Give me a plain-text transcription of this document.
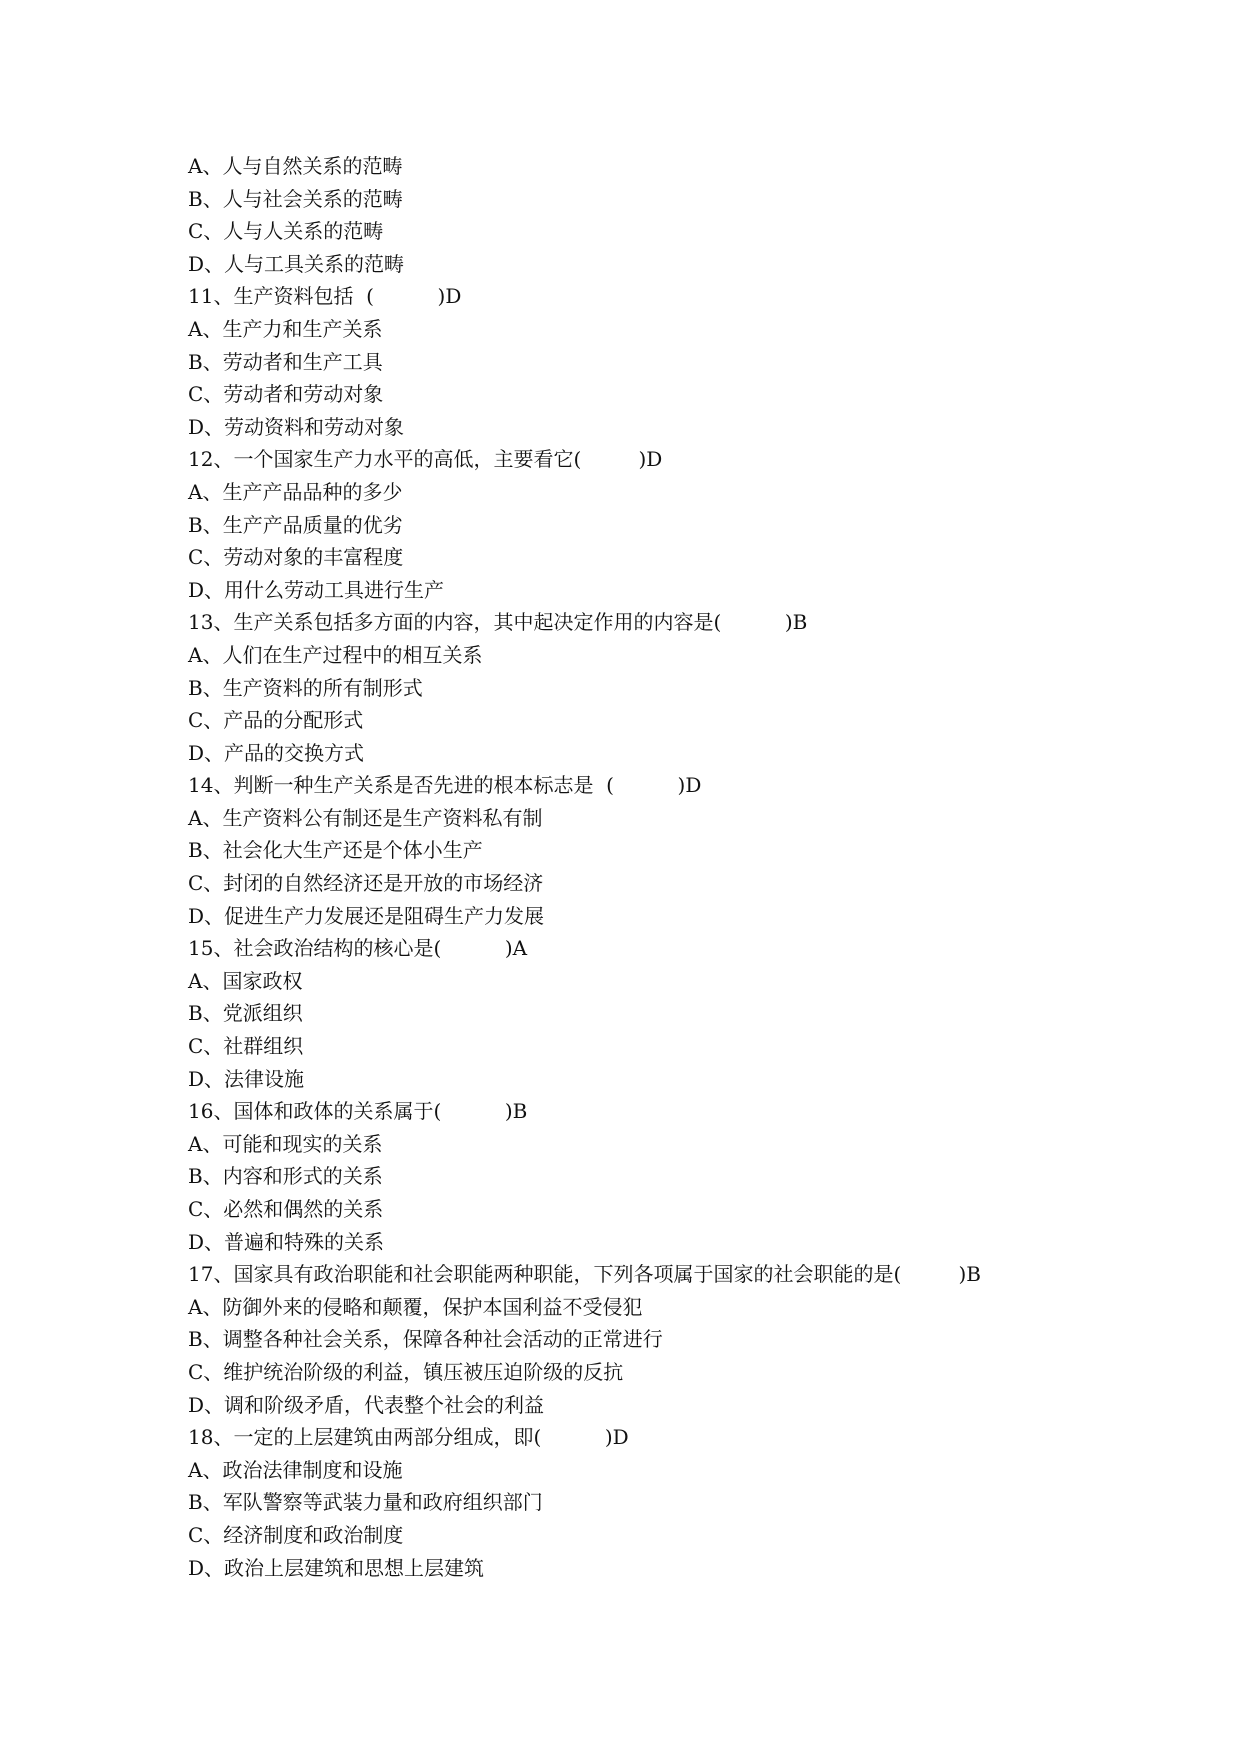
A、人与自然关系的范畴
B、人与社会关系的范畴
C、人与人关系的范畴
D、人与工具关系的范畴
11、生产资料包括  (          )D
A、生产力和生产关系
B、劳动者和生产工具
C、劳动者和劳动对象
D、劳动资料和劳动对象
12、一个国家生产力水平的高低，主要看它(         )D
A、生产产品品种的多少
B、生产产品质量的优劣
C、劳动对象的丰富程度
D、用什么劳动工具进行生产
13、生产关系包括多方面的内容，其中起决定作用的内容是(          )B
A、人们在生产过程中的相互关系
B、生产资料的所有制形式
C、产品的分配形式
D、产品的交换方式
14、判断一种生产关系是否先进的根本标志是  (          )D
A、生产资料公有制还是生产资料私有制
B、社会化大生产还是个体小生产
C、封闭的自然经济还是开放的市场经济
D、促进生产力发展还是阻碍生产力发展
15、社会政治结构的核心是(          )A
A、国家政权
B、党派组织
C、社群组织
D、法律设施
16、国体和政体的关系属于(          )B
A、可能和现实的关系
B、内容和形式的关系
C、必然和偶然的关系
D、普遍和特殊的关系
17、国家具有政治职能和社会职能两种职能，下列各项属于国家的社会职能的是(         )B
A、防御外来的侵略和颠覆，保护本国利益不受侵犯
B、调整各种社会关系，保障各种社会活动的正常进行
C、维护统治阶级的利益，镇压被压迫阶级的反抗
D、调和阶级矛盾，代表整个社会的利益
18、一定的上层建筑由两部分组成，即(          )D
A、政治法律制度和设施
B、军队警察等武装力量和政府组织部门
C、经济制度和政治制度
D、政治上层建筑和思想上层建筑
